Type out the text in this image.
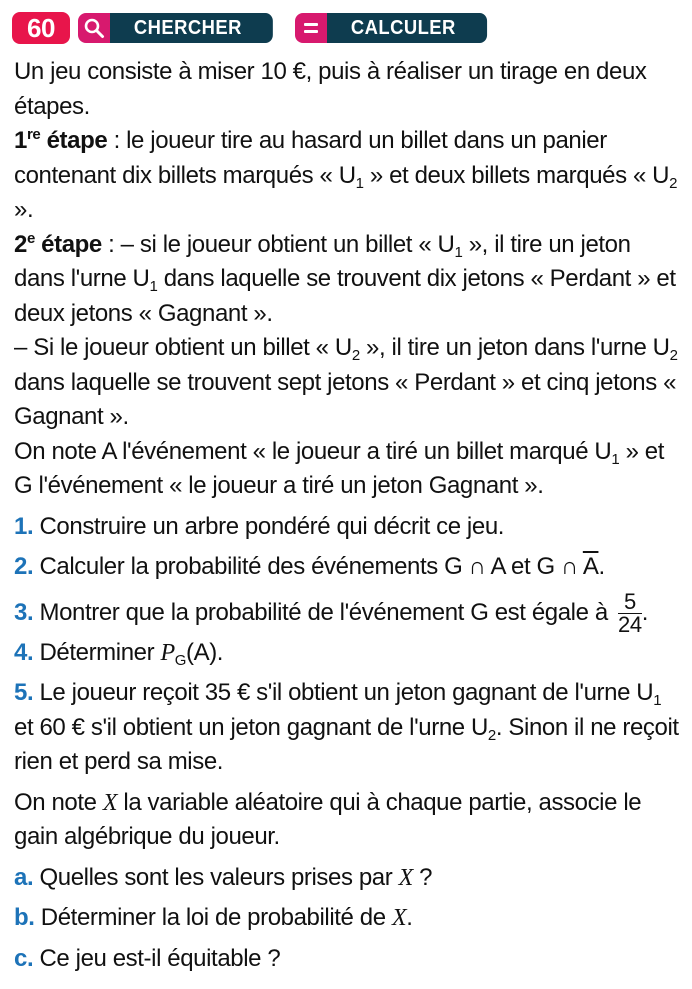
60	CHERCHER	CALCULER

Un jeu consiste à miser 10 €, puis à réaliser un tirage en deux étapes.

1re étape : le joueur tire au hasard un billet dans un panier contenant dix billets marqués « $U_1$ » et deux billets marqués « $U_2$ ».

2e étape : – si le joueur obtient un billet « $U_1$ », il tire un jeton dans l'urne $U_1$ dans laquelle se trouvent dix jetons « Perdant » et deux jetons « Gagnant ».

– Si le joueur obtient un billet « $U_2$ », il tire un jeton dans l'urne $U_2$ dans laquelle se trouvent sept jetons « Perdant » et cinq jetons « Gagnant ».

On note A l'événement « le joueur a tiré un billet marqué $U_1$ » et G l'événement « le joueur a tiré un jeton Gagnant ».

1. Construire un arbre pondéré qui décrit ce jeu.

2. Calculer la probabilité des événements G ∩ A et G ∩ $\overline{A}$.

3. Montrer que la probabilité de l'événement G est égale à $\frac{5}{24}$ .

4. Déterminer $P_G(A)$.

5. Le joueur reçoit 35 € s'il obtient un jeton gagnant de l'urne $U_1$ et 60 € s'il obtient un jeton gagnant de l'urne $U_2$. Sinon il ne reçoit rien et perd sa mise.

On note X la variable aléatoire qui à chaque partie, associe le gain algébrique du joueur.

a. Quelles sont les valeurs prises par X ?

b. Déterminer la loi de probabilité de X.

c. Ce jeu est-il équitable ?
